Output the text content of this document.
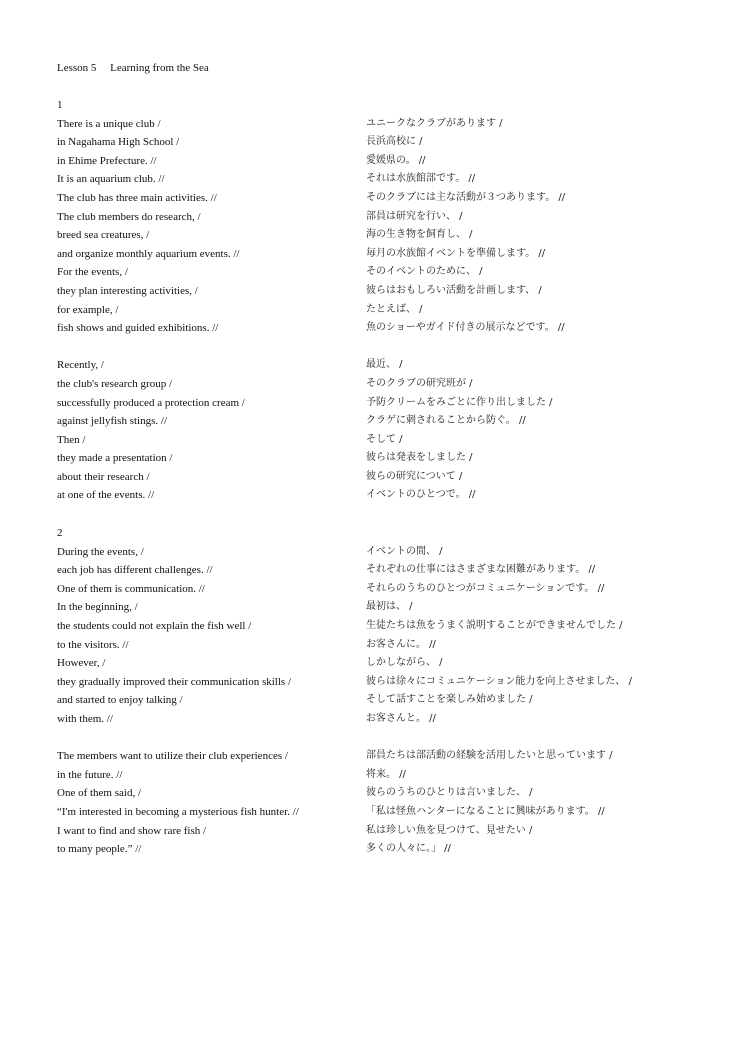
Lesson 5　 Learning from the Sea
1
There is a unique club /	ユニークなクラブがあります /
in Nagahama High School /	長浜高校に /
in Ehime Prefecture. //	愛媛県の。 //
It is an aquarium club. //	それは水族館部です。 //
The club has three main activities. //	そのクラブには主な活動が３つあります。 //
The club members do research, /	部員は研究を行い、 /
breed sea creatures, /	海の生き物を飼育し、 /
and organize monthly aquarium events. //	毎月の水族館イベントを準備します。 //
For the events, /	そのイベントのために、 /
they plan interesting activities, /	彼らはおもしろい活動を計画します、 /
for example, /	たとえば、 /
fish shows and guided exhibitions. //	魚のショーやガイド付きの展示などです。 //
Recently, /	最近、 /
the club's research group /	そのクラブの研究班が /
successfully produced a protection cream /	予防クリームをみごとに作り出しました /
against jellyfish stings. //	クラゲに刺されることから防ぐ。 //
Then /	そして /
they made a presentation /	彼らは発表をしました /
about their research /	彼らの研究について /
at one of the events. //	イベントのひとつで。 //
2
During the events, /	イベントの間、 /
each job has different challenges. //	それぞれの仕事にはさまざまな困難があります。 //
One of them is communication. //	それらのうちのひとつがコミュニケーションです。 //
In the beginning, /	最初は、 /
the students could not explain the fish well /	生徒たちは魚をうまく説明することができませんでした /
to the visitors. //	お客さんに。 //
However, /	しかしながら、 /
they gradually improved their communication skills /	彼らは徐々にコミュニケーション能力を向上させました、 /
and started to enjoy talking /	そして話すことを楽しみ始めました /
with them. //	お客さんと。 //
The members want to utilize their club experiences /	部員たちは部活動の経験を活用したいと思っています /
in the future. //	将来。 //
One of them said, /	彼らのうちのひとりは言いました、 /
“I'm interested in becoming a mysterious fish hunter. //	「私は怪魚ハンターになることに興味があります。 //
I want to find and show rare fish /	私は珍しい魚を見つけて、見せたい /
to many people.” //	多くの人々に。」 //
